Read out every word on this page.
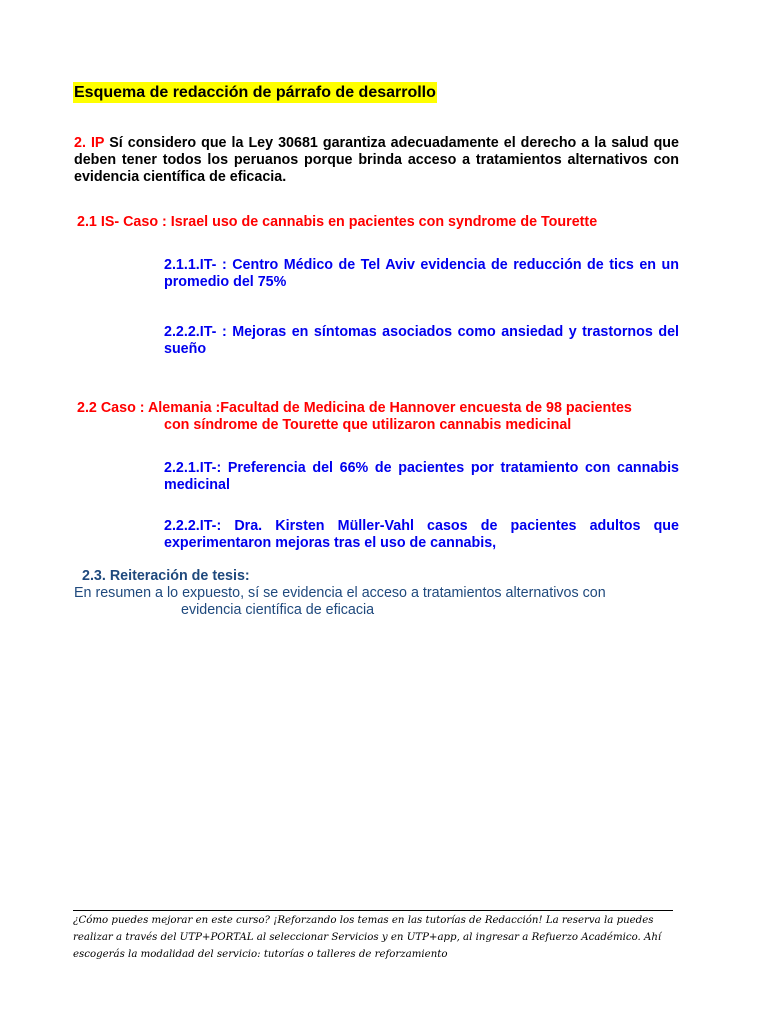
Esquema de redacción de párrafo de desarrollo

2. IP Sí considero que la Ley 30681 garantiza adecuadamente el derecho a la salud que deben tener todos los peruanos porque brinda acceso a tratamientos alternativos con evidencia científica de eficacia.

2.1 IS- Caso : Israel uso de cannabis en pacientes con syndrome de Tourette

2.1.1.IT- : Centro Médico de Tel Aviv evidencia de reducción de tics en un promedio del 75%

2.2.2.IT- : Mejoras en síntomas asociados como ansiedad y trastornos del sueño

2.2 Caso : Alemania :Facultad de Medicina de Hannover encuesta de 98 pacientes
con síndrome de Tourette que utilizaron cannabis medicinal

2.2.1.IT-: Preferencia del 66% de pacientes por tratamiento con cannabis medicinal

2.2.2.IT-: Dra. Kirsten Müller-Vahl casos de pacientes adultos que experimentaron mejoras tras el uso de cannabis,

2.3. Reiteración de tesis:

En resumen a lo expuesto, sí se evidencia el acceso a tratamientos alternativos con
evidencia científica de eficacia

¿Cómo puedes mejorar en este curso? ¡Reforzando los temas en las tutorías de Redacción! La reserva la puedes realizar a través del UTP+PORTAL al seleccionar Servicios y en UTP+app, al ingresar a Refuerzo Académico. Ahí escogerás la modalidad del servicio: tutorías o talleres de reforzamiento
